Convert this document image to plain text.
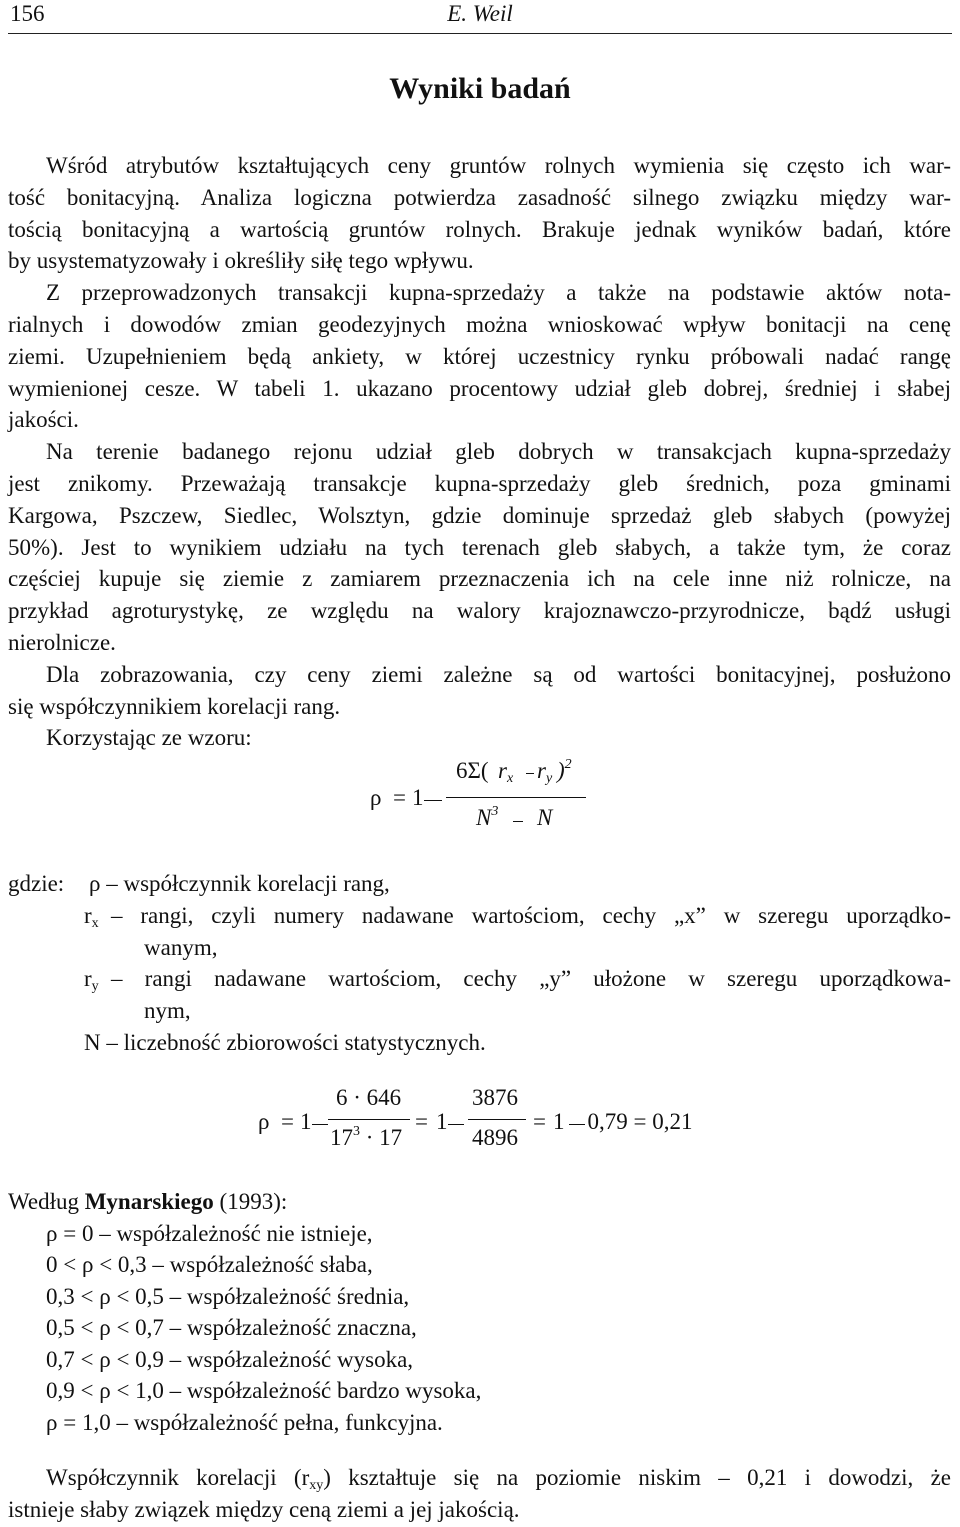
156	E. Weil
Wyniki badań
Wśród atrybutów kształtujących ceny gruntów rolnych wymienia się często ich war-
tość bonitacyjną. Analiza logiczna potwierdza zasadność silnego związku między war-
tością bonitacyjną a wartością gruntów rolnych. Brakuje jednak wyników badań, które
by usystematyzowały i określiły siłę tego wpływu.
Z przeprowadzonych transakcji kupna-sprzedaży a także na podstawie aktów nota-
rialnych i dowodów zmian geodezyjnych można wnioskować wpływ bonitacji na cenę
ziemi. Uzupełnieniem będą ankiety, w której uczestnicy rynku próbowali nadać rangę
wymienionej cesze. W tabeli 1. ukazano procentowy udział gleb dobrej, średniej i słabej
jakości.
Na terenie badanego rejonu udział gleb dobrych w transakcjach kupna-sprzedaży
jest znikomy. Przeważają transakcje kupna-sprzedaży gleb średnich, poza gminami
Kargowa, Pszczew, Siedlec, Wolsztyn, gdzie dominuje sprzedaż gleb słabych (powyżej
50%). Jest to wynikiem udziału na tych terenach gleb słabych, a także tym, że coraz
częściej kupuje się ziemie z zamiarem przeznaczenia ich na cele inne niż rolnicze, na
przykład agroturystykę, ze względu na walory krajoznawczo-przyrodnicze, bądź usługi
nierolnicze.
Dla zobrazowania, czy ceny ziemi zależne są od wartości bonitacyjnej, posłużono
się współczynnikiem korelacji rang.
Korzystając ze wzoru:
ρ = 1
6Σ( $r_x$ $r_y$ )$^2$
$N^3$ N
gdzie: ρ – współczynnik korelacji rang,
$r_x$ – rangi, czyli numery nadawane wartościom, cechy „x” w szeregu uporządko-
wanym,
$r_y$ – rangi nadawane wartościom, cechy „y” ułożone w szeregu uporządkowa-
nym,
N – liczebność zbiorowości statystycznych.
ρ = 1
6 · 646
$17^3 \cdot 17$
= 1
3876
4896
= 1    0,79 = 0,21
Według Mynarskiego (1993):
ρ = 0 – współzależność nie istnieje,
0 < ρ < 0,3 – współzależność słaba,
0,3 < ρ < 0,5 – współzależność średnia,
0,5 < ρ < 0,7 – współzależność znaczna,
0,7 < ρ < 0,9 – współzależność wysoka,
0,9 < ρ < 1,0 – współzależność bardzo wysoka,
ρ = 1,0 – współzależność pełna, funkcyjna.
Współczynnik korelacji $(r_{xy})$ kształtuje się na poziomie niskim – 0,21 i dowodzi, że
istnieje słaby związek między ceną ziemi a jej jakością.
